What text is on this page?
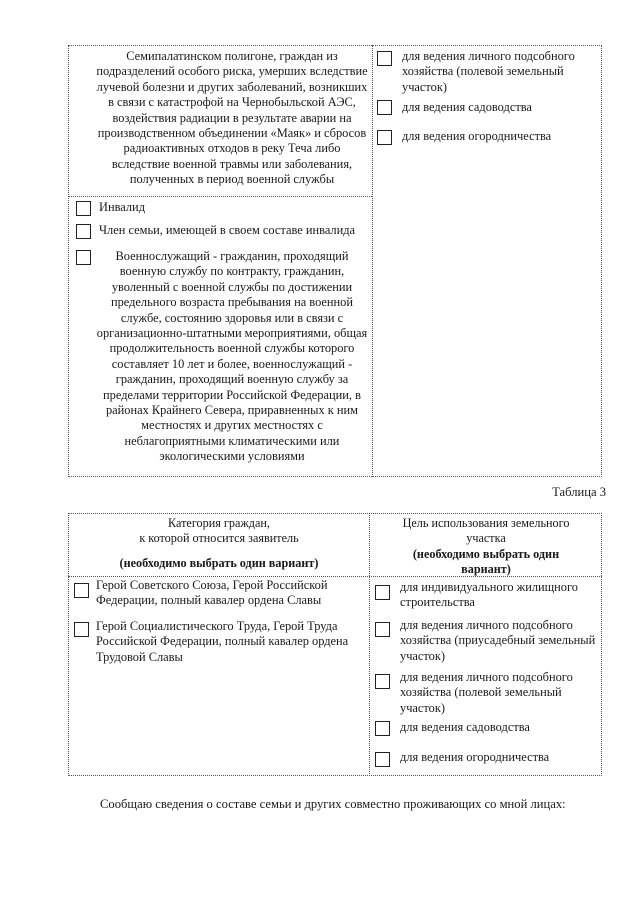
Семипалатинском полигоне, граждан из подразделений особого риска, умерших вследствие лучевой болезни и других заболеваний, возникших в связи с катастрофой на Чернобыльской АЭС, воздействия радиации в результате аварии на производственном объединении «Маяк» и сбросов радиоактивных отходов в реку Теча либо вследствие военной травмы или заболевания, полученных в период военной службы
Инвалид
Член семьи, имеющей в своем составе инвалида
Военнослужащий - гражданин, проходящий военную службу по контракту, гражданин, уволенный с военной службы по достижении предельного возраста пребывания на военной службе, состоянию здоровья или в связи с организационно-штатными мероприятиями, общая продолжительность военной службы которого составляет 10 лет и более, военнослужащий - гражданин, проходящий военную службу за пределами территории Российской Федерации, в районах Крайнего Севера, приравненных к ним местностях и других местностях с неблагоприятными климатическими или экологическими условиями
для ведения личного подсобного хозяйства (полевой земельный участок)
для ведения садоводства
для ведения огородничества
Таблица 3
Категория граждан,
к которой относится заявитель
(необходимо выбрать один вариант)
Цель использования земельного
участка
(необходимо выбрать один
вариант)
Герой Советского Союза, Герой Российской Федерации, полный кавалер ордена Славы
Герой Социалистического Труда, Герой Труда Российской Федерации, полный кавалер ордена Трудовой Славы
для индивидуального жилищного строительства
для ведения личного подсобного хозяйства (приусадебный земельный участок)
для ведения личного подсобного хозяйства (полевой земельный участок)
для ведения садоводства
для ведения огородничества
Сообщаю сведения о составе семьи и других совместно проживающих со мной лицах:
